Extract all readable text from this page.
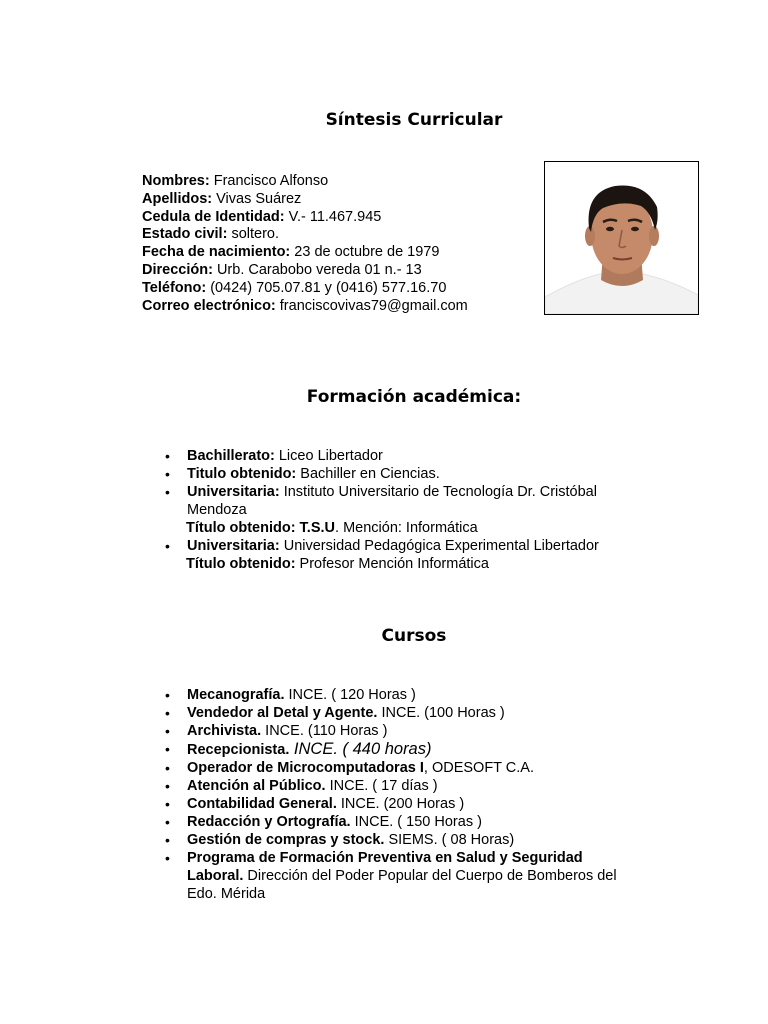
Síntesis Curricular
Nombres: Francisco Alfonso
Apellidos: Vivas Suárez
Cedula de Identidad: V.- 11.467.945
Estado civil: soltero.
Fecha de nacimiento: 23 de octubre de 1979
Dirección: Urb. Carabobo vereda 01 n.- 13
Teléfono: (0424) 705.07.81 y (0416) 577.16.70
Correo electrónico: franciscovivas79@gmail.com
Formación académica:
• Bachillerato: Liceo Libertador
• Titulo obtenido: Bachiller en Ciencias.
• Universitaria: Instituto Universitario de Tecnología Dr. Cristóbal Mendoza
Título obtenido: T.S.U. Mención: Informática
• Universitaria: Universidad Pedagógica Experimental Libertador
Título obtenido: Profesor Mención Informática
Cursos
• Mecanografía. INCE. ( 120 Horas )
• Vendedor al Detal y Agente. INCE. (100 Horas )
• Archivista. INCE. (110 Horas )
• Recepcionista. INCE. ( 440 horas)
• Operador de Microcomputadoras I, ODESOFT C.A.
• Atención al Público. INCE. ( 17 días )
• Contabilidad General. INCE. (200 Horas )
• Redacción y Ortografía. INCE. ( 150 Horas )
• Gestión de compras y stock. SIEMS. ( 08 Horas)
• Programa de Formación Preventiva en Salud y Seguridad Laboral. Dirección del Poder Popular del Cuerpo de Bomberos del Edo. Mérida
